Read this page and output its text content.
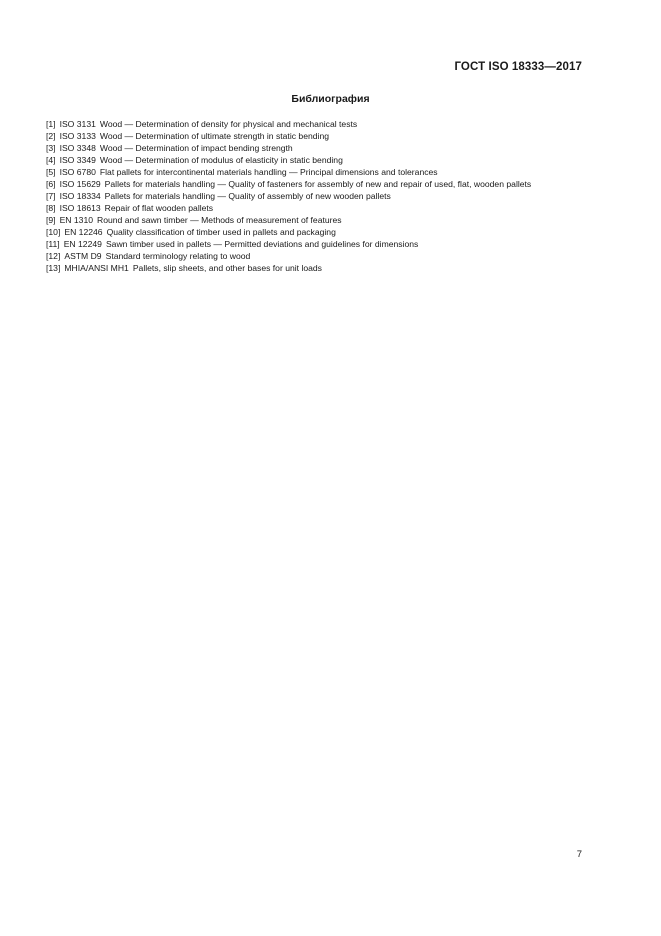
ГОСТ ISO 18333—2017
Библиография
[1] ISO 3131 Wood — Determination of density for physical and mechanical tests
[2] ISO 3133 Wood — Determination of ultimate strength in static bending
[3] ISO 3348 Wood — Determination of impact bending strength
[4] ISO 3349 Wood — Determination of modulus of elasticity in static bending
[5] ISO 6780 Flat pallets for intercontinental materials handling — Principal dimensions and tolerances
[6] ISO 15629 Pallets for materials handling — Quality of fasteners for assembly of new and repair of used, flat, wooden pallets
[7] ISO 18334 Pallets for materials handling — Quality of assembly of new wooden pallets
[8] ISO 18613 Repair of flat wooden pallets
[9] EN 1310 Round and sawn timber — Methods of measurement of features
[10] EN 12246 Quality classification of timber used in pallets and packaging
[11] EN 12249 Sawn timber used in pallets — Permitted deviations and guidelines for dimensions
[12] ASTM D9 Standard terminology relating to wood
[13] MHIA/ANSI MH1 Pallets, slip sheets, and other bases for unit loads
7
